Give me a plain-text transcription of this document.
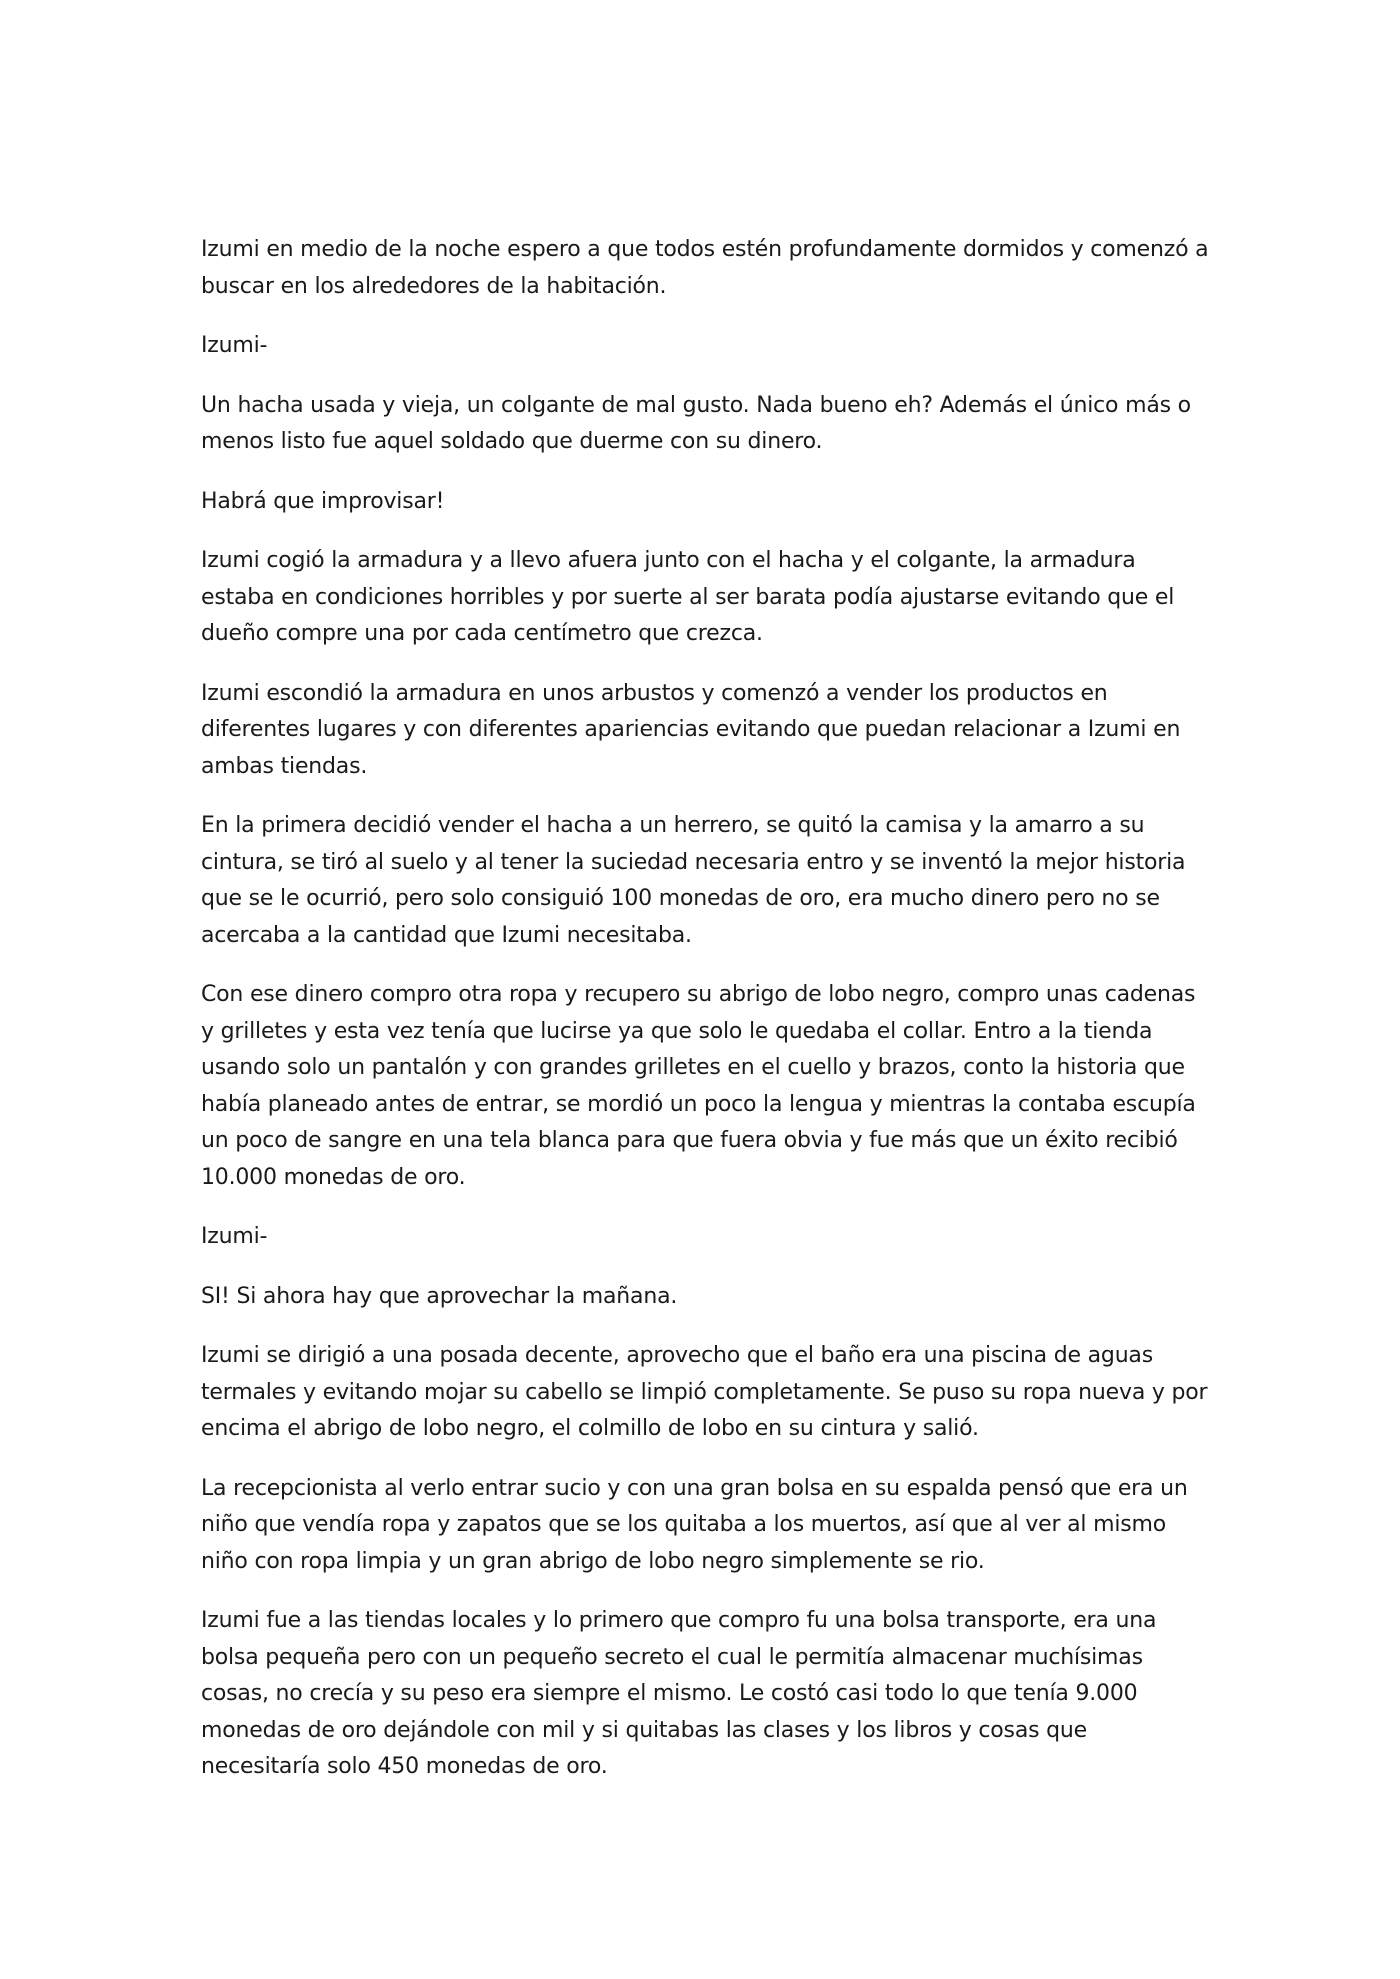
Izumi en medio de la noche espero a que todos estén profundamente dormidos y comenzó a buscar en los alrededores de la habitación.

Izumi-

Un hacha usada y vieja, un colgante de mal gusto. Nada bueno eh? Además el único más o menos listo fue aquel soldado que duerme con su dinero.

Habrá que improvisar!

Izumi cogió la armadura y a llevo afuera junto con el hacha y el colgante, la armadura estaba en condiciones horribles y por suerte al ser barata podía ajustarse evitando que el dueño compre una por cada centímetro que crezca.

Izumi escondió la armadura en unos arbustos y comenzó a vender los productos en diferentes lugares y con diferentes apariencias evitando que puedan relacionar a Izumi en ambas tiendas.

En la primera decidió vender el hacha a un herrero, se quitó la camisa y la amarro a su cintura, se tiró al suelo y al tener la suciedad necesaria entro y se inventó la mejor historia que se le ocurrió, pero solo consiguió 100 monedas de oro, era mucho dinero pero no se acercaba a la cantidad que Izumi necesitaba.

Con ese dinero compro otra ropa y recupero su abrigo de lobo negro, compro unas cadenas y grilletes y esta vez tenía que lucirse ya que solo le quedaba el collar. Entro a la tienda usando solo un pantalón y con grandes grilletes en el cuello y brazos, conto la historia que había planeado antes de entrar, se mordió un poco la lengua y mientras la contaba escupía un poco de sangre en una tela blanca para que fuera obvia y fue más que un éxito recibió 10.000 monedas de oro.

Izumi-

SI! Si ahora hay que aprovechar la mañana.

Izumi se dirigió a una posada decente, aprovecho que el baño era una piscina de aguas termales y evitando mojar su cabello se limpió completamente. Se puso su ropa nueva y por encima el abrigo de lobo negro, el colmillo de lobo en su cintura y salió.

La recepcionista al verlo entrar sucio y con una gran bolsa en su espalda pensó que era un niño que vendía ropa y zapatos que se los quitaba a los muertos, así que al ver al mismo niño con ropa limpia y un gran abrigo de lobo negro simplemente se rio.

Izumi fue a las tiendas locales y lo primero que compro fu una bolsa transporte, era una bolsa pequeña pero con un pequeño secreto el cual le permitía almacenar muchísimas cosas, no crecía y su peso era siempre el mismo. Le costó casi todo lo que tenía 9.000 monedas de oro dejándole con mil y si quitabas las clases y los libros y cosas que necesitaría solo 450 monedas de oro.
